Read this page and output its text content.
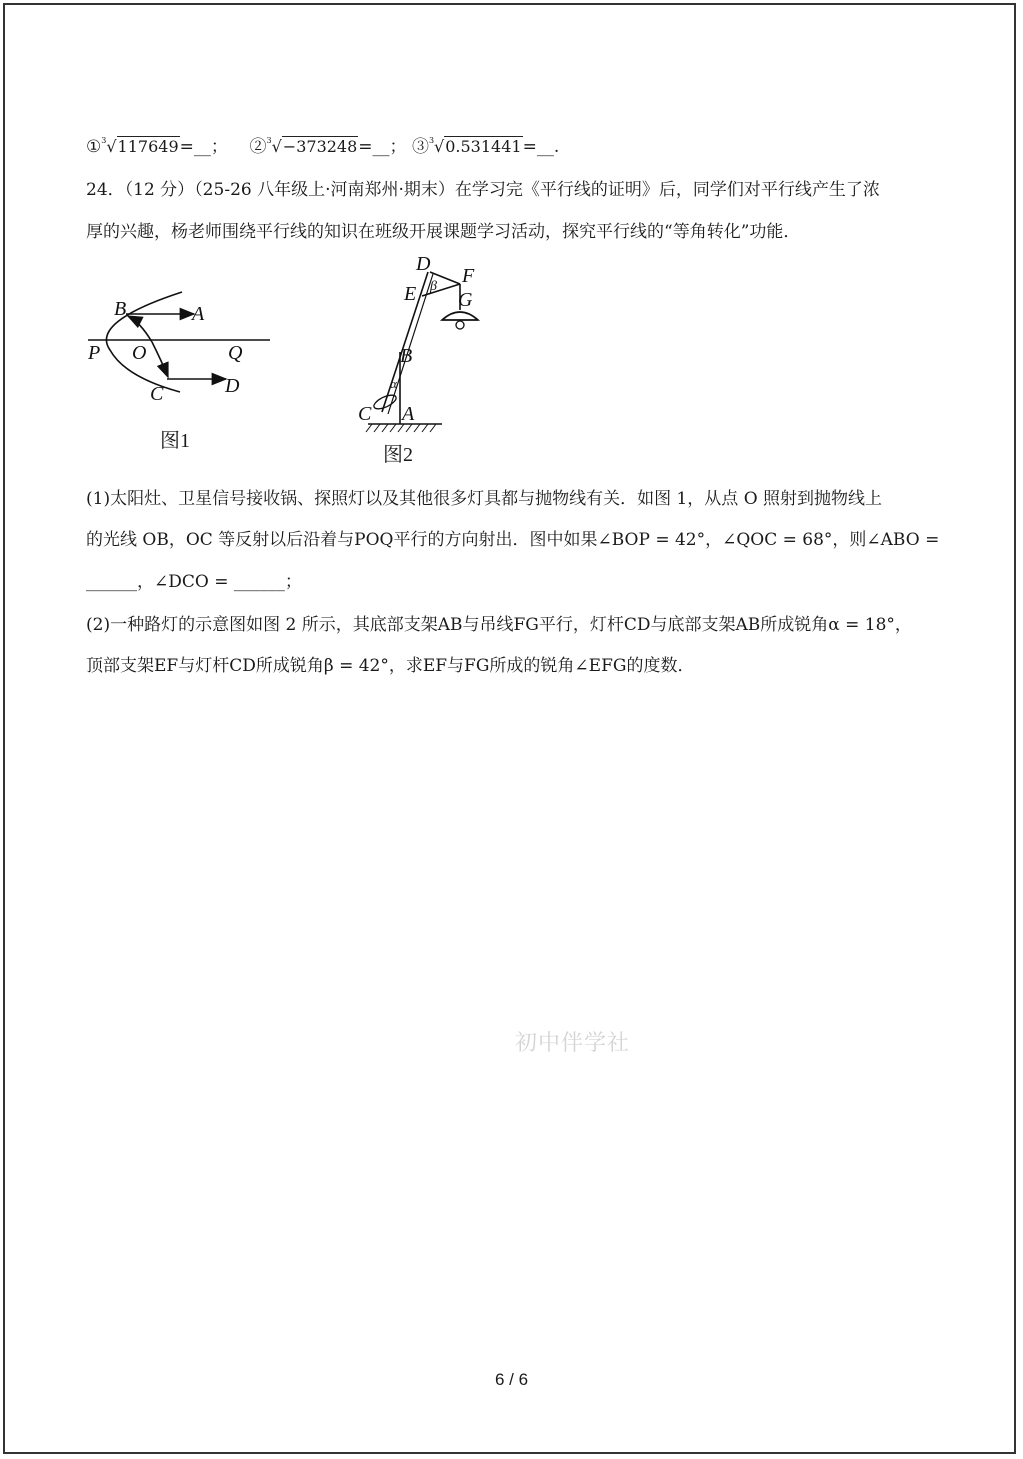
①$^3$√117649=__； ②$^3$√−373248=__； ③$^3$√0.531441=__.
24．（12 分）（25-26 八年级上·河南郑州·期末）在学习完《平行线的证明》后，同学们对平行线产生了浓
厚的兴趣，杨老师围绕平行线的知识在班级开展课题学习活动，探究平行线的“等角转化”功能．
B	A
P O	Q
C	D
图1
D
F
E G
β
B
α
C A
图2
(1)太阳灶、卫星信号接收锅、探照灯以及其他很多灯具都与抛物线有关．如图 1，从点 O 照射到抛物线上
的光线 OB，OC 等反射以后沿着与POQ平行的方向射出．图中如果∠BOP = 42°，∠QOC = 68°，则∠ABO =
______，∠DCO = ______；
(2)一种路灯的示意图如图 2 所示，其底部支架AB与吊线FG平行，灯杆CD与底部支架AB所成锐角α = 18°，
顶部支架EF与灯杆CD所成锐角β = 42°，求EF与FG所成的锐角∠EFG的度数．
初中伴学社
6 / 6
